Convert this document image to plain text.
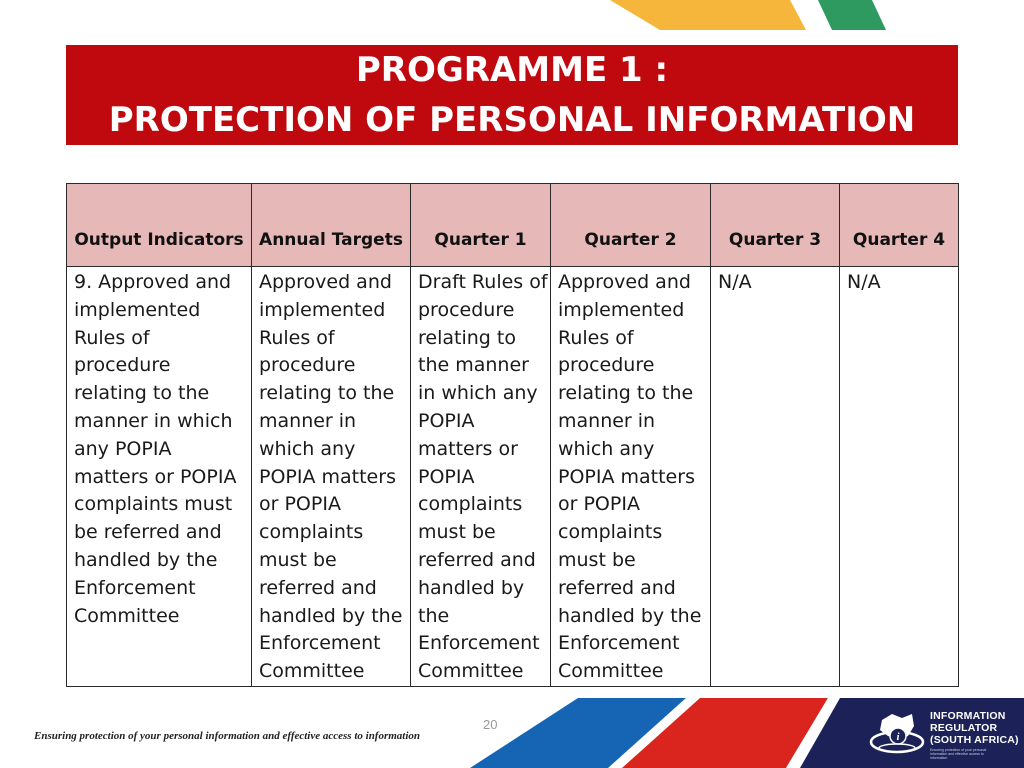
PROGRAMME 1 :
PROTECTION OF PERSONAL INFORMATION
Output Indicators	Annual Targets	Quarter 1	Quarter 2	Quarter 3	Quarter 4
9. Approved and implemented Rules of procedure relating to the manner in which any POPIA matters or POPIA complaints must be referred and handled by the Enforcement Committee	Approved and implemented Rules of procedure relating to the manner in which any POPIA matters or POPIA complaints must be referred and handled by the Enforcement Committee	Draft Rules of procedure relating to the manner in which any POPIA matters or POPIA complaints must be referred and handled by the Enforcement Committee	Approved and implemented Rules of procedure relating to the manner in which any POPIA matters or POPIA complaints must be referred and handled by the Enforcement Committee	N/A	N/A
20
Ensuring protection of your personal information and effective access to information	i
INFORMATION
REGULATOR
(SOUTH AFRICA)
Ensuring protection of your personal information and effective access to information
